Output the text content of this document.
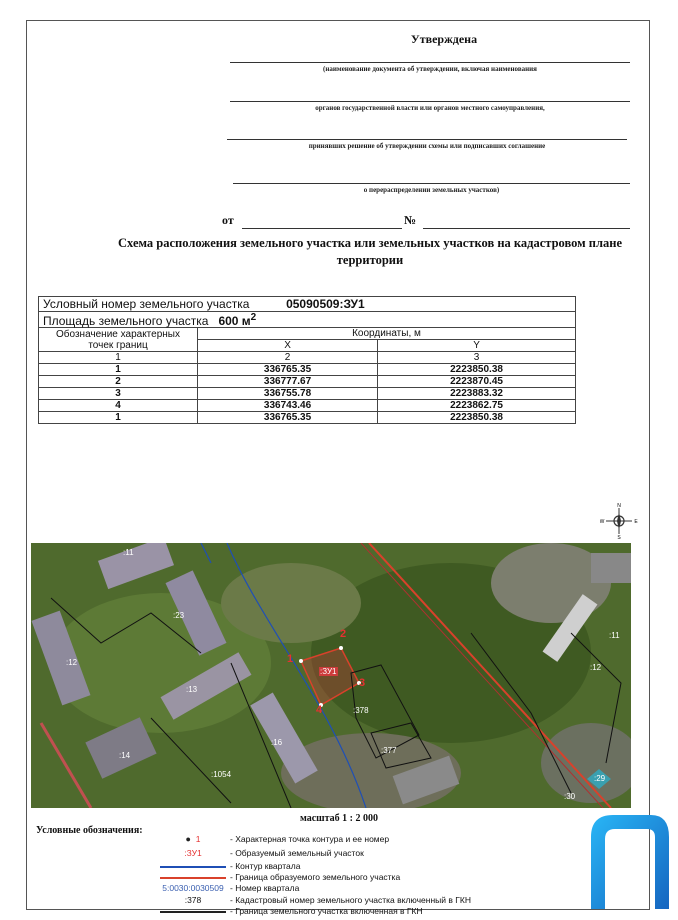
Утверждена
(наименование документа об утверждении, включая наименования
органов государственной власти или органов местного самоуправления,
принявших решение об утверждении схемы или подписавших соглашение
о перераспределении земельных участков)
от	№
Схема расположения земельного участка или земельных участков на кадастровом плане территории
Условный номер земельного участка 05090509:ЗУ1		
Площадь земельного участка 600 $м^2$
Обозначение характерных точек границ	Координаты, м	
	X	Y
1	2	3
1	336765.35	2223850.38
2	336777.67	2223870.45
3	336755.78	2223883.32
4	336743.46	2223862.75
1	336765.35	2223850.38
N
S
W	E
1
2
3
4
:ЗУ1
:11
:23
:12
:13
:14
:16
:1054
:378
:377
:11
:12
:29
:30
масштаб 1 : 2 000
Условные обозначения:
● 1	- Характерная точка контура и ее номер
:ЗУ1	- Образуемый земельный участок
- Контур квартала
- Граница образуемого земельного участка
5:0030:0030509 - Номер квартала
:378	- Кадастровый номер земельного участка включенный в ГКН
- Граница земельного участка включенная в ГКН
